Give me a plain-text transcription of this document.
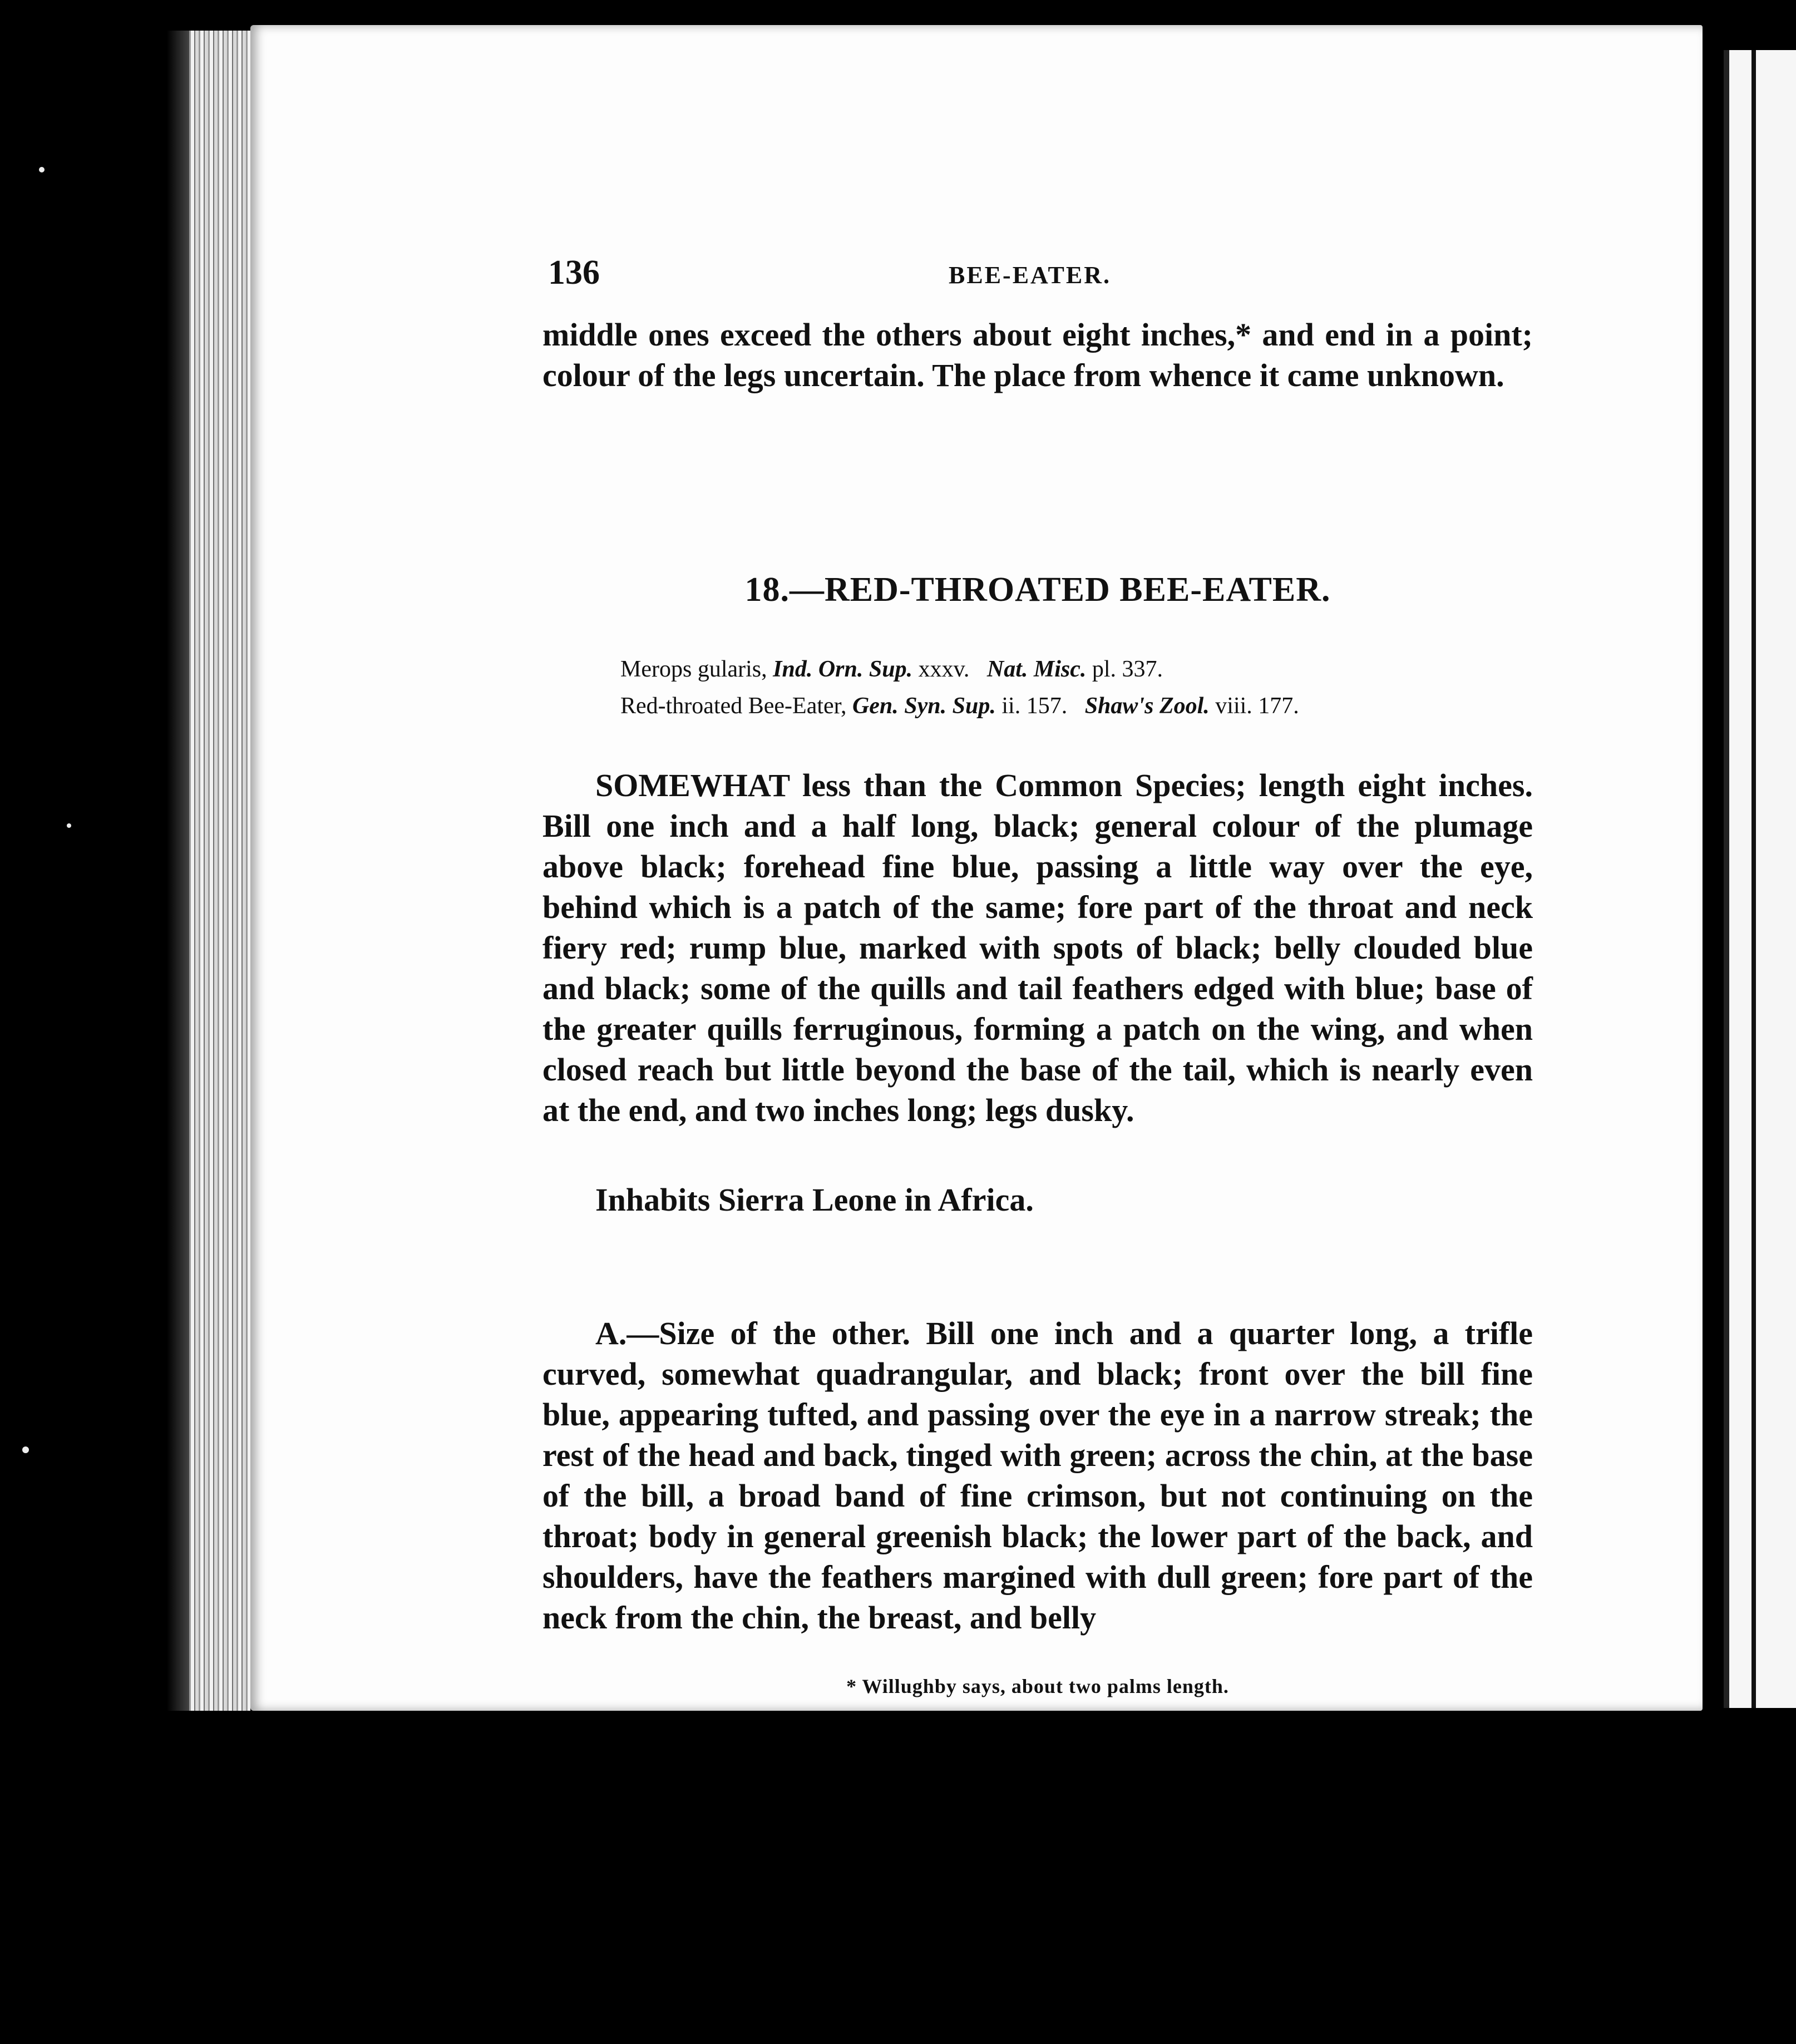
136	BEE-EATER.
middle ones exceed the others about eight inches,* and end in a point; colour of the legs uncertain. The place from whence it came unknown.
18.—RED-THROATED BEE-EATER.
Merops gularis, Ind. Orn. Sup. xxxv. Nat. Misc. pl. 337.
Red-throated Bee-Eater, Gen. Syn. Sup. ii. 157. Shaw's Zool. viii. 177.
SOMEWHAT less than the Common Species; length eight inches. Bill one inch and a half long, black; general colour of the plumage above black; forehead fine blue, passing a little way over the eye, behind which is a patch of the same; fore part of the throat and neck fiery red; rump blue, marked with spots of black; belly clouded blue and black; some of the quills and tail feathers edged with blue; base of the greater quills ferruginous, forming a patch on the wing, and when closed reach but little beyond the base of the tail, which is nearly even at the end, and two inches long; legs dusky.
Inhabits Sierra Leone in Africa.
A.—Size of the other. Bill one inch and a quarter long, a trifle curved, somewhat quadrangular, and black; front over the bill fine blue, appearing tufted, and passing over the eye in a narrow streak; the rest of the head and back, tinged with green; across the chin, at the base of the bill, a broad band of fine crimson, but not continuing on the throat; body in general greenish black; the lower part of the back, and shoulders, have the feathers margined with dull green; fore part of the neck from the chin, the breast, and belly
* Willughby says, about two palms length.
